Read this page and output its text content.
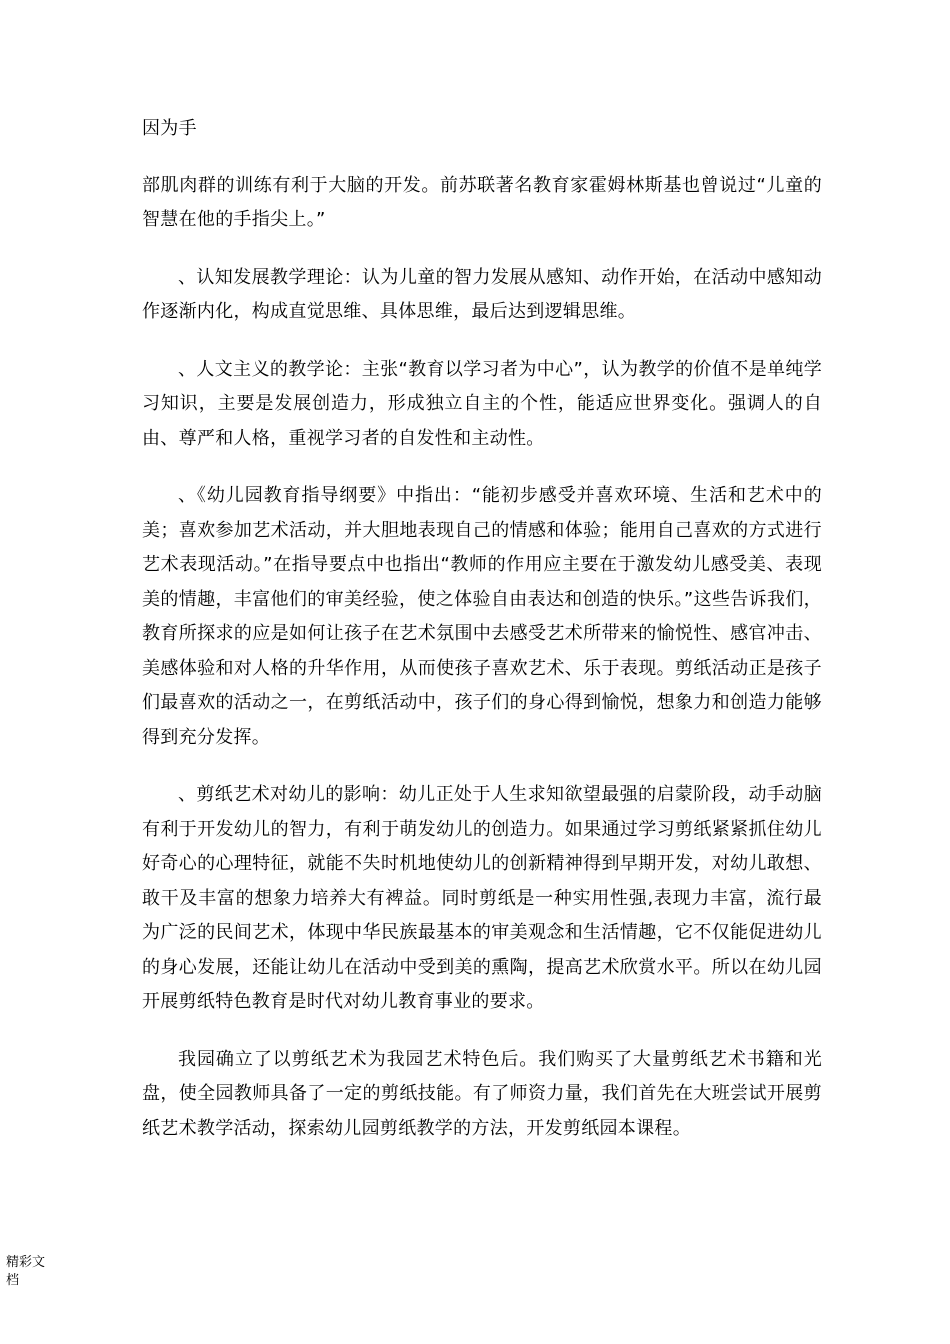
因为手

部肌肉群的训练有利于大脑的开发。前苏联著名教育家霍姆林斯基也曾说过“儿童的智慧在他的手指尖上。”

、认知发展教学理论：认为儿童的智力发展从感知、动作开始，在活动中感知动作逐渐内化，构成直觉思维、具体思维，最后达到逻辑思维。

、人文主义的教学论：主张“教育以学习者为中心”，认为教学的价值不是单纯学习知识，主要是发展创造力，形成独立自主的个性，能适应世界变化。强调人的自由、尊严和人格，重视学习者的自发性和主动性。

、《幼儿园教育指导纲要》中指出：“能初步感受并喜欢环境、生活和艺术中的美；喜欢参加艺术活动，并大胆地表现自己的情感和体验；能用自己喜欢的方式进行艺术表现活动。”在指导要点中也指出“教师的作用应主要在于激发幼儿感受美、表现美的情趣，丰富他们的审美经验，使之体验自由表达和创造的快乐。”这些告诉我们，教育所探求的应是如何让孩子在艺术氛围中去感受艺术所带来的愉悦性、感官冲击、美感体验和对人格的升华作用，从而使孩子喜欢艺术、乐于表现。剪纸活动正是孩子们最喜欢的活动之一，在剪纸活动中，孩子们的身心得到愉悦，想象力和创造力能够得到充分发挥。

、剪纸艺术对幼儿的影响：幼儿正处于人生求知欲望最强的启蒙阶段，动手动脑有利于开发幼儿的智力，有利于萌发幼儿的创造力。如果通过学习剪纸紧紧抓住幼儿好奇心的心理特征，就能不失时机地使幼儿的创新精神得到早期开发，对幼儿敢想、敢干及丰富的想象力培养大有裨益。同时剪纸是一种实用性强,表现力丰富，流行最为广泛的民间艺术，体现中华民族最基本的审美观念和生活情趣，它不仅能促进幼儿的身心发展，还能让幼儿在活动中受到美的熏陶，提高艺术欣赏水平。所以在幼儿园开展剪纸特色教育是时代对幼儿教育事业的要求。

我园确立了以剪纸艺术为我园艺术特色后。我们购买了大量剪纸艺术书籍和光盘，使全园教师具备了一定的剪纸技能。有了师资力量，我们首先在大班尝试开展剪纸艺术教学活动，探索幼儿园剪纸教学的方法，开发剪纸园本课程。

精彩文档
